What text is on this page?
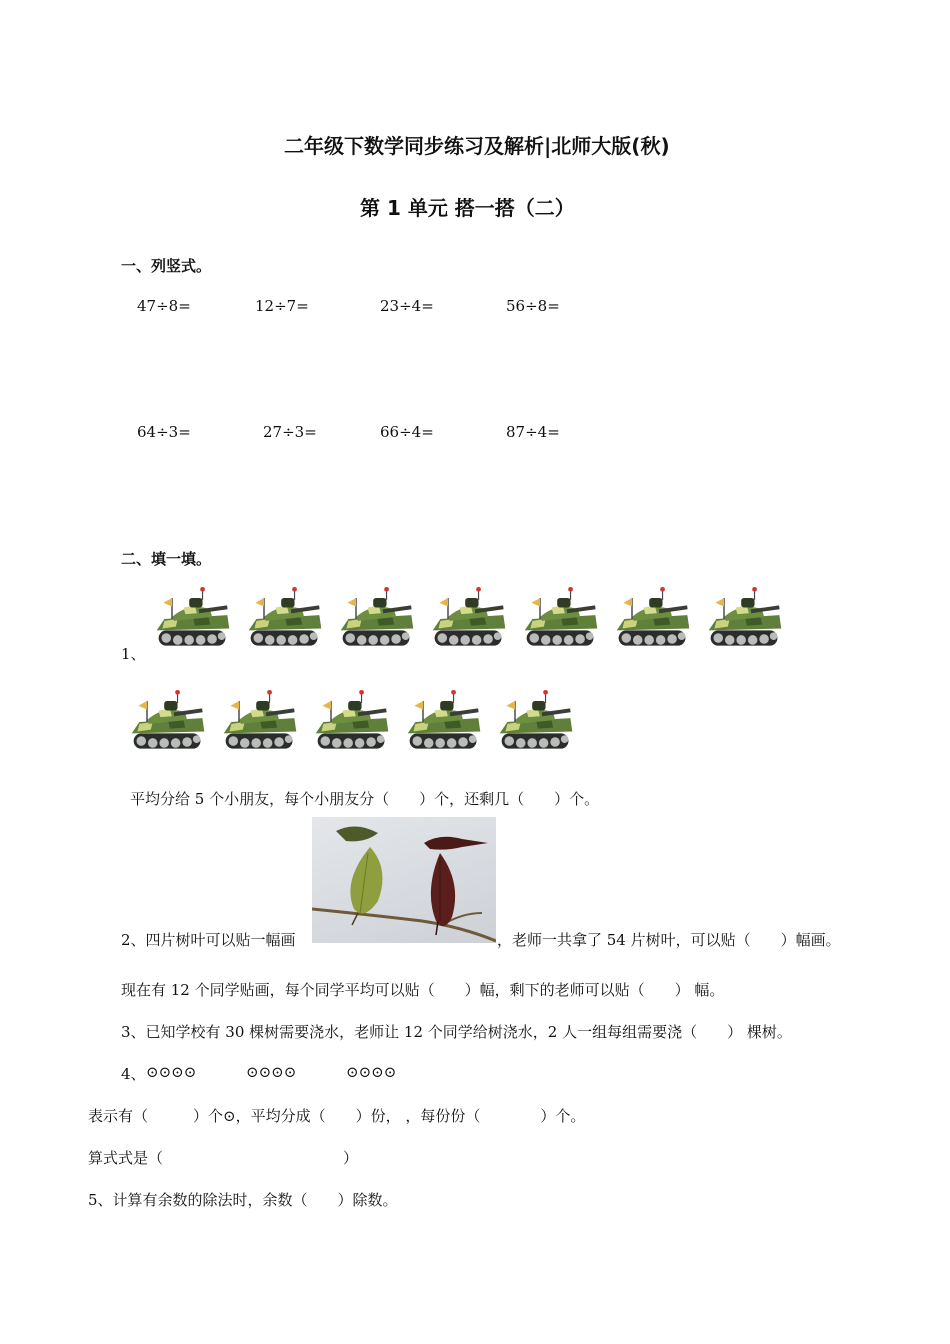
二年级下数学同步练习及解析|北师大版(秋)
第 1 单元 搭一搭（二）
一、列竖式。
47÷8=	12÷7=	23÷4=	56÷8=
64÷3=	27÷3=	66÷4=	87÷4=
二、填一填。
1、
平均分给 5 个小朋友，每个小朋友分（　　）个，还剩几（　　）个。
2、四片树叶可以贴一幅画	，老师一共拿了 54 片树叶，可以贴（　　）幅画。
现在有 12 个同学贴画，每个同学平均可以贴（　　）幅，剩下的老师可以贴（　　） 幅。
3、已知学校有 30 棵树需要浇水，老师让 12 个同学给树浇水，2 人一组每组需要浇（　　） 棵树。
4、 ⊙⊙⊙⊙	⊙⊙⊙⊙	⊙⊙⊙⊙
表示有（　　　）个⊙，平均分成（　　）份， ，每份份（　　　　）个。
算式式是（　　　　　　　　　　　　）
5、计算有余数的除法时，余数（　　）除数。
